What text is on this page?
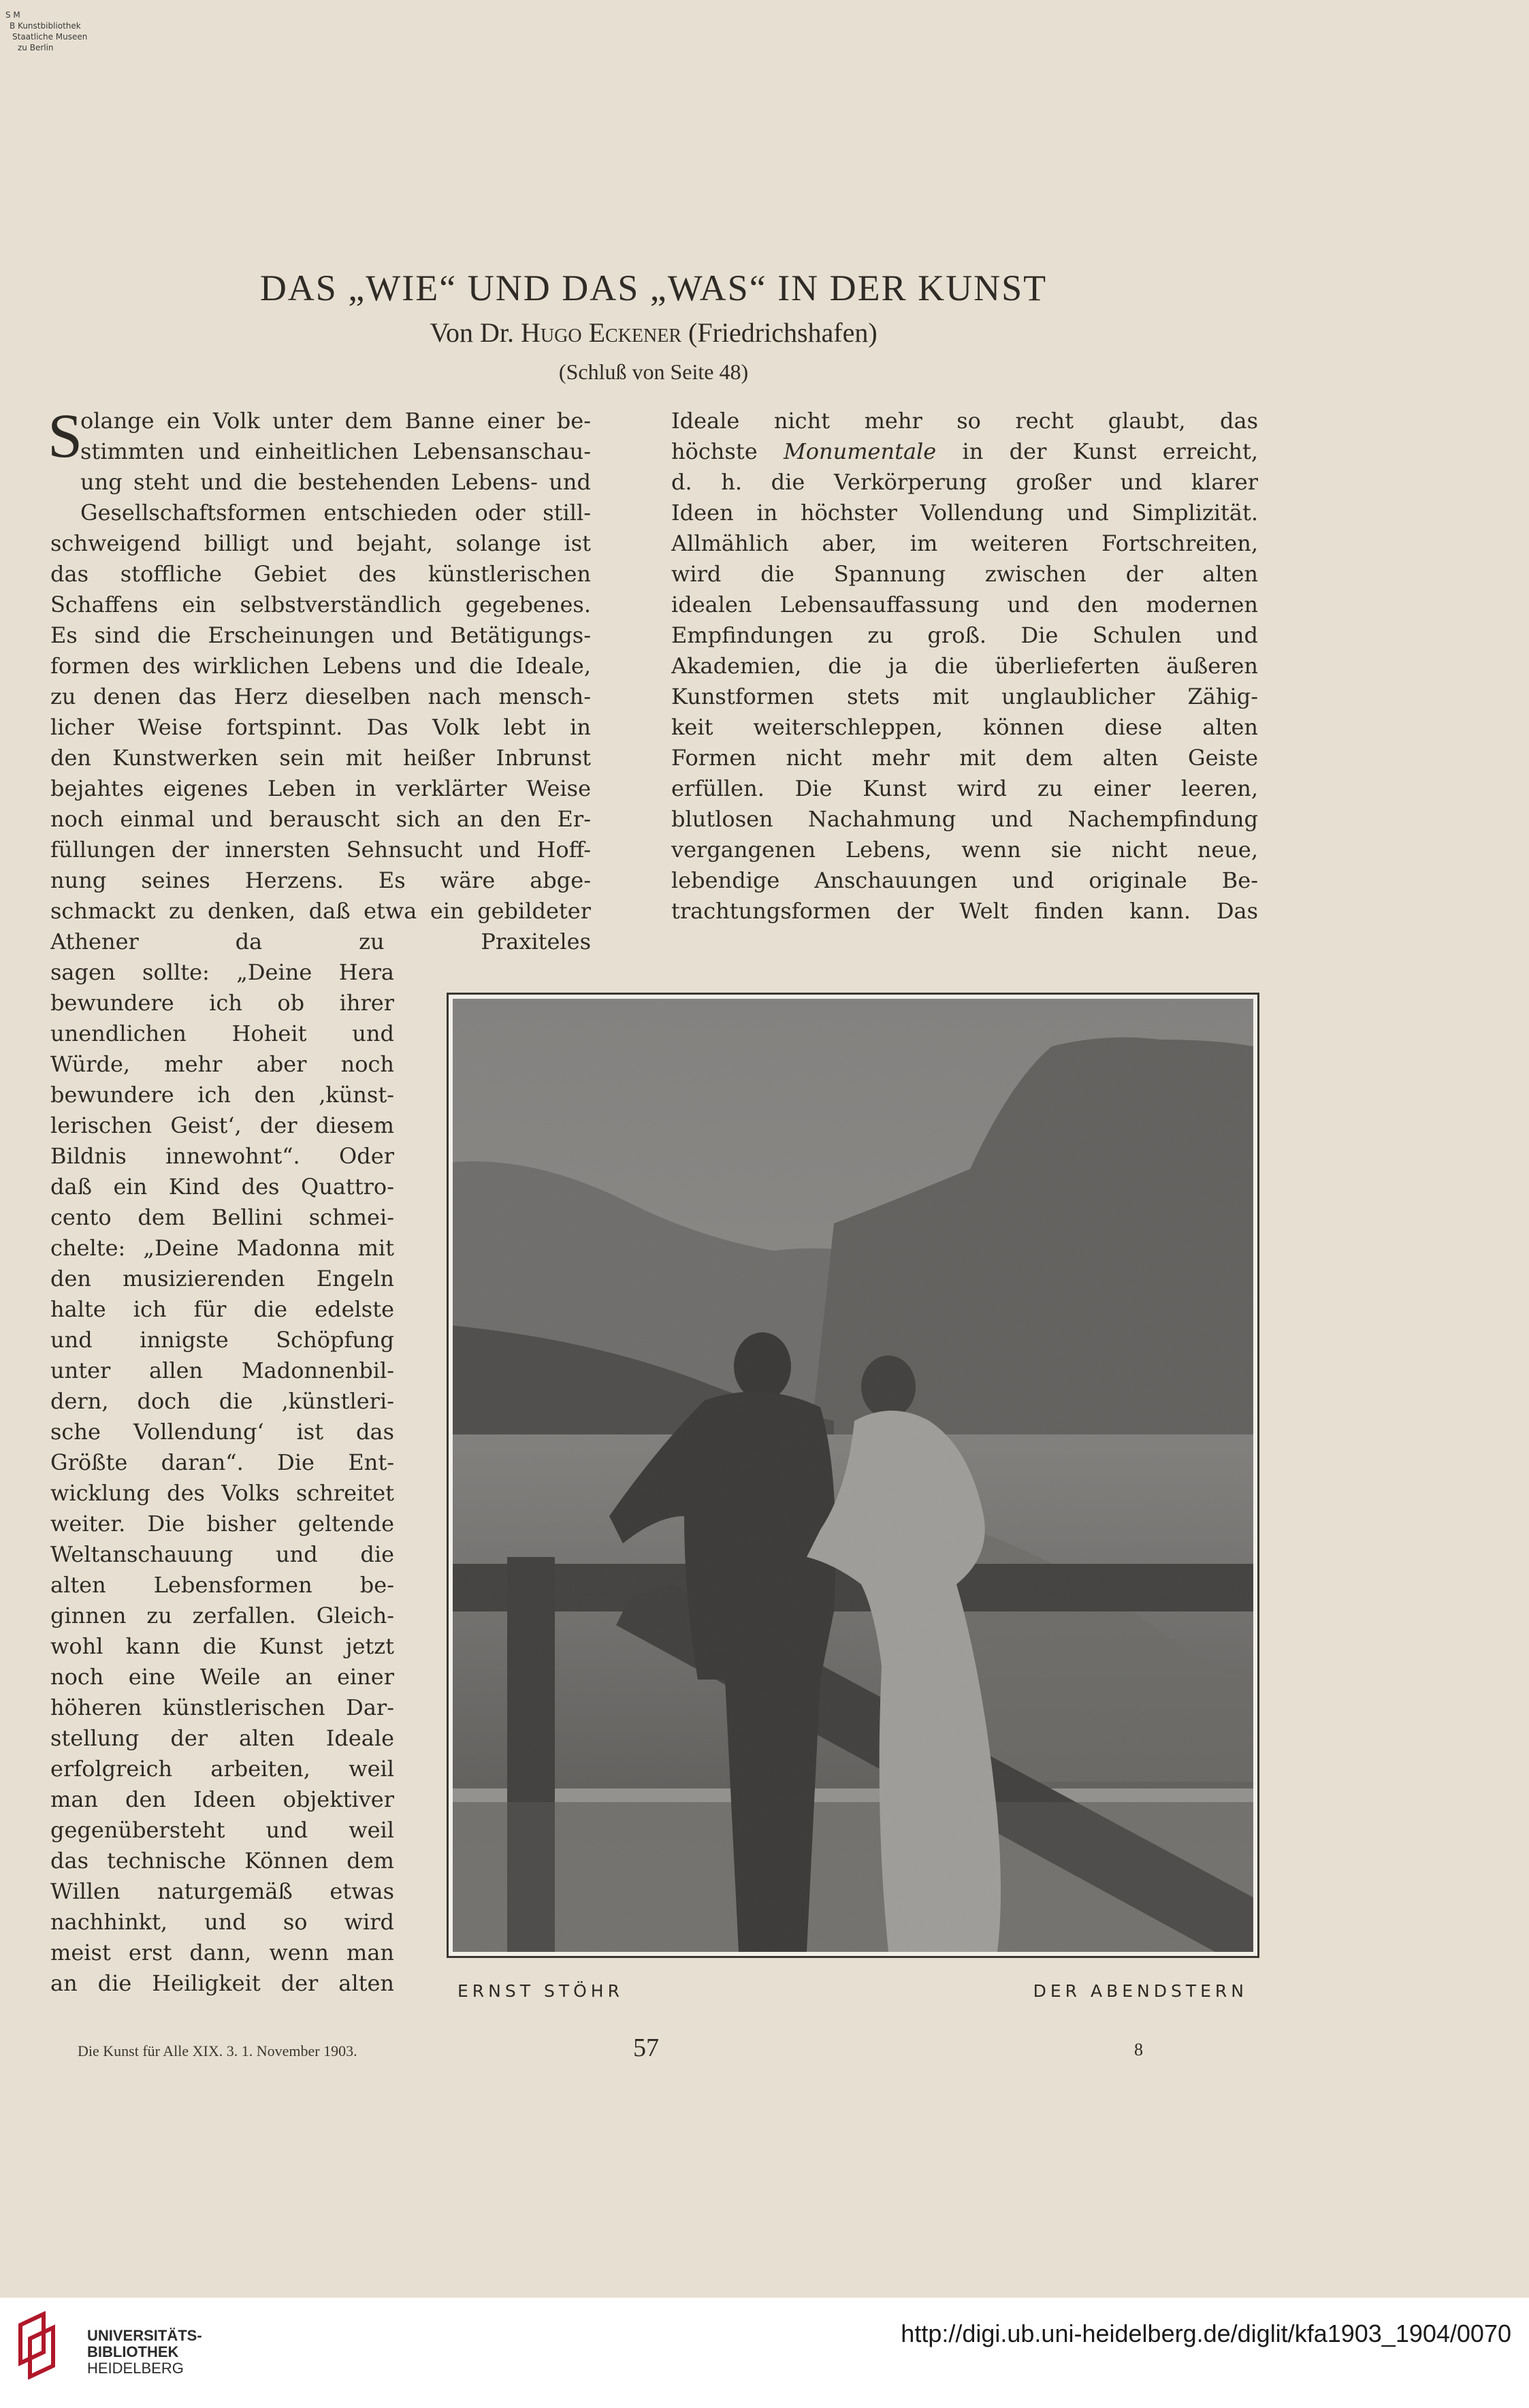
S M
B Kunstbibliothek
Staatliche Museen
zu Berlin
DAS „WIE“ UND DAS „WAS“ IN DER KUNST
Von Dr. Hugo Eckener (Friedrichshafen)
(Schluß von Seite 48)
S
olange ein Volk unter dem Banne einer be-
stimmten und einheitlichen Lebensanschau-
ung steht und die bestehenden Lebens- und
Gesellschaftsformen entschieden oder still-
schweigend billigt und bejaht, solange ist
das stoffliche Gebiet des künstlerischen
Schaffens ein selbstverständlich gegebenes.
Es sind die Erscheinungen und Betätigungs-
formen des wirklichen Lebens und die Ideale,
zu denen das Herz dieselben nach mensch-
licher Weise fortspinnt. Das Volk lebt in
den Kunstwerken sein mit heißer Inbrunst
bejahtes eigenes Leben in verklärter Weise
noch einmal und berauscht sich an den Er-
füllungen der innersten Sehnsucht und Hoff-
nung seines Herzens. Es wäre abge-
schmackt zu denken, daß etwa ein gebildeter
Athener da zu Praxiteles
sagen sollte: „Deine Hera
bewundere ich ob ihrer
unendlichen Hoheit und
Würde, mehr aber noch
bewundere ich den ‚künst-
lerischen Geist‘, der diesem
Bildnis innewohnt“. Oder
daß ein Kind des Quattro-
cento dem Bellini schmei-
chelte: „Deine Madonna mit
den musizierenden Engeln
halte ich für die edelste
und innigste Schöpfung
unter allen Madonnenbil-
dern, doch die ‚künstleri-
sche Vollendung‘ ist das
Größte daran“. Die Ent-
wicklung des Volks schreitet
weiter. Die bisher geltende
Weltanschauung und die
alten Lebensformen be-
ginnen zu zerfallen. Gleich-
wohl kann die Kunst jetzt
noch eine Weile an einer
höheren künstlerischen Dar-
stellung der alten Ideale
erfolgreich arbeiten, weil
man den Ideen objektiver
gegenübersteht und weil
das technische Können dem
Willen naturgemäß etwas
nachhinkt, und so wird
meist erst dann, wenn man
an die Heiligkeit der alten
Ideale nicht mehr so recht glaubt, das
höchste Monumentale in der Kunst erreicht,
d. h. die Verkörperung großer und klarer
Ideen in höchster Vollendung und Simplizität.
Allmählich aber, im weiteren Fortschreiten,
wird die Spannung zwischen der alten
idealen Lebensauffassung und den modernen
Empfindungen zu groß. Die Schulen und
Akademien, die ja die überlieferten äußeren
Kunstformen stets mit unglaublicher Zähig-
keit weiterschleppen, können diese alten
Formen nicht mehr mit dem alten Geiste
erfüllen. Die Kunst wird zu einer leeren,
blutlosen Nachahmung und Nachempfindung
vergangenen Lebens, wenn sie nicht neue,
lebendige Anschauungen und originale Be-
trachtungsformen der Welt finden kann. Das
ERNST STÖHR	DER ABENDSTERN
Die Kunst für Alle XIX. 3. 1. November 1903.	57	8
UNIVERSITÄTS-
BIBLIOTHEK
HEIDELBERG
http://digi.ub.uni-heidelberg.de/diglit/kfa1903_1904/0070
